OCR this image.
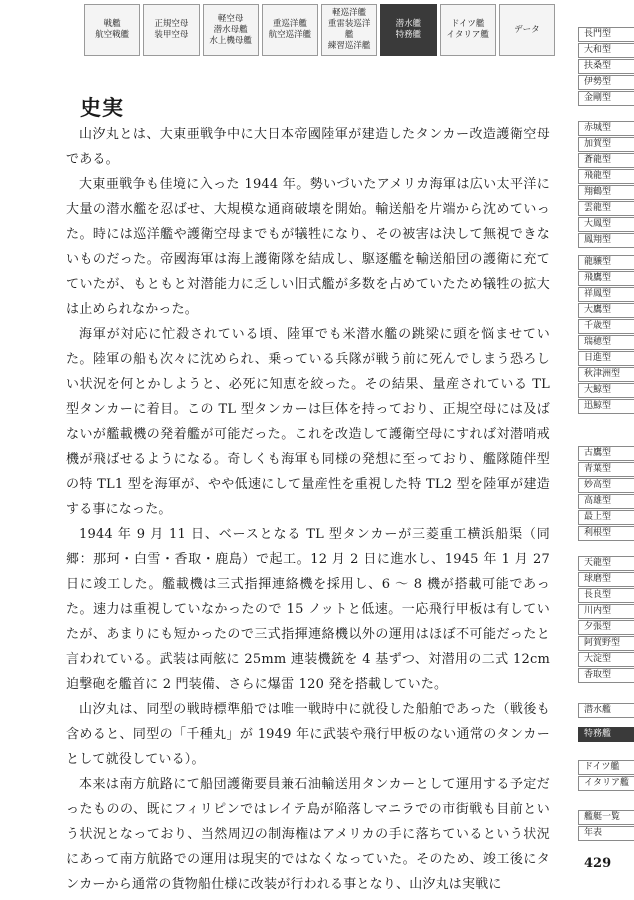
戦艦
航空戦艦
正規空母
装甲空母
軽空母
潜水母艦
水上機母艦
重巡洋艦
航空巡洋艦
軽巡洋艦
重雷装巡洋艦
練習巡洋艦
潜水艦
特務艦
ドイツ艦
イタリア艦
データ
史実

山汐丸とは、大東亜戦争中に大日本帝國陸軍が建造したタンカー改造護衛空母である。

大東亜戦争も佳境に入った 1944 年。勢いづいたアメリカ海軍は広い太平洋に大量の潜水艦を忍ばせ、大規模な通商破壊を開始。輸送船を片端から沈めていった。時には巡洋艦や護衛空母までもが犠牲になり、その被害は決して無視できないものだった。帝國海軍は海上護衛隊を結成し、駆逐艦を輸送船団の護衛に充てていたが、もともと対潜能力に乏しい旧式艦が多数を占めていたため犠牲の拡大は止められなかった。

海軍が対応に忙殺されている頃、陸軍でも米潜水艦の跳梁に頭を悩ませていた。陸軍の船も次々に沈められ、乗っている兵隊が戦う前に死んでしまう恐ろしい状況を何とかしようと、必死に知恵を絞った。その結果、量産されている TL 型タンカーに着目。この TL 型タンカーは巨体を持っており、正規空母には及ばないが艦載機の発着艦が可能だった。これを改造して護衛空母にすれば対潜哨戒機が飛ばせるようになる。奇しくも海軍も同様の発想に至っており、艦隊随伴型の特 TL1 型を海軍が、やや低速にして量産性を重視した特 TL2 型を陸軍が建造する事になった。

1944 年 9 月 11 日、ベースとなる TL 型タンカーが三菱重工横浜船渠（同郷：那珂・白雪・香取・鹿島）で起工。12 月 2 日に進水し、1945 年 1 月 27 日に竣工した。艦載機は三式指揮連絡機を採用し、6 ～ 8 機が搭載可能であった。速力は重視していなかったので 15 ノットと低速。一応飛行甲板は有していたが、あまりにも短かったので三式指揮連絡機以外の運用はほぼ不可能だったと言われている。武装は両舷に 25mm 連装機銃を 4 基ずつ、対潜用の二式 12cm 迫撃砲を艦首に 2 門装備、さらに爆雷 120 発を搭載していた。

山汐丸は、同型の戦時標準船では唯一戦時中に就役した船舶であった（戦後も含めると、同型の「千種丸」が 1949 年に武装や飛行甲板のない通常のタンカーとして就役している）。

本来は南方航路にて船団護衛要員兼石油輸送用タンカーとして運用する予定だったものの、既にフィリピンではレイテ島が陥落しマニラでの市街戦も目前という状況となっており、当然周辺の制海権はアメリカの手に落ちているという状況にあって南方航路での運用は現実的ではなくなっていた。そのため、竣工後にタンカーから通常の貨物船仕様に改装が行われる事となり、山汐丸は実戦に

長門型
大和型
扶桑型
伊勢型
金剛型
赤城型
加賀型
蒼龍型
飛龍型
翔鶴型
雲龍型
大鳳型
鳳翔型
龍驤型
飛鷹型
祥鳳型
大鷹型
千歳型
瑞穂型
日進型
秋津洲型
大鯨型
迅鯨型
古鷹型
青葉型
妙高型
高雄型
最上型
利根型
天龍型
球磨型
長良型
川内型
夕張型
阿賀野型
大淀型
香取型
潜水艦
特務艦
ドイツ艦
イタリア艦
艦艇一覧
年表
429
